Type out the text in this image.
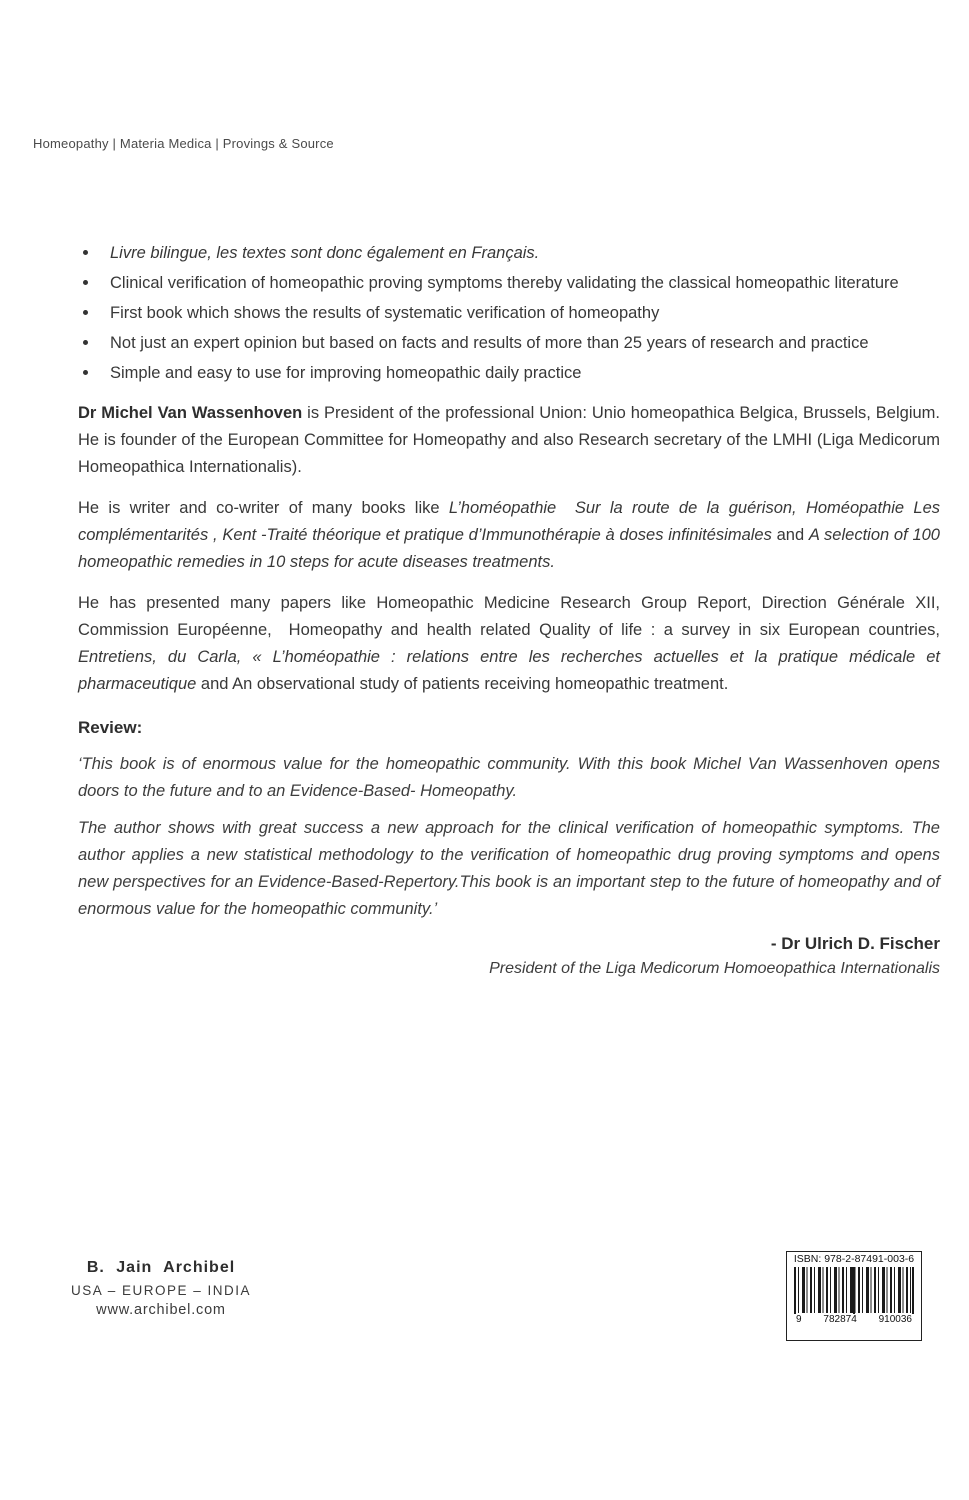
Homeopathy | Materia Medica | Provings & Source
Livre bilingue, les textes sont donc également en Français.
Clinical verification of homeopathic proving symptoms thereby validating the classical homeopathic literature
First book which shows the results of systematic verification of homeopathy
Not just an expert opinion but based on facts and results of more than 25 years of research and practice
Simple and easy to use for improving homeopathic daily practice

Dr Michel Van Wassenhoven is President of the professional Union: Unio homeopathica Belgica, Brussels, Belgium. He is founder of the European Committee for Homeopathy and also Research secretary of the LMHI (Liga Medicorum Homeopathica Internationalis).

He is writer and co-writer of many books like L’homéopathie  Sur la route de la guérison, Homéopathie Les complémentarités , Kent -Traité théorique et pratique d’Immunothérapie à doses infinitésimales and A selection of 100 homeopathic remedies in 10 steps for acute diseases treatments.

He has presented many papers like Homeopathic Medicine Research Group Report, Direction Générale XII, Commission Européenne,  Homeopathy and health related Quality of life : a survey in six European countries, Entretiens, du Carla, « L’homéopathie : relations entre les recherches actuelles et la pratique médicale et pharmaceutique and An observational study of patients receiving homeopathic treatment.

Review:

‘This book is of enormous value for the homeopathic community. With this book Michel Van Wassenhoven opens doors to the future and to an Evidence-Based- Homeopathy.

The author shows with great success a new approach for the clinical verification of homeopathic symptoms. The author applies a new statistical methodology to the verification of homeopathic drug proving symptoms and opens new perspectives for an Evidence-Based-Repertory.This book is an important step to the future of homeopathy and of enormous value for the homeopathic community.’

- Dr Ulrich D. Fischer
President of the Liga Medicorum Homoeopathica Internationalis
B. Jain Archibel
USA – EUROPE – INDIA
www.archibel.com
ISBN: 978-2-87491-003-6
9 782874 910036
